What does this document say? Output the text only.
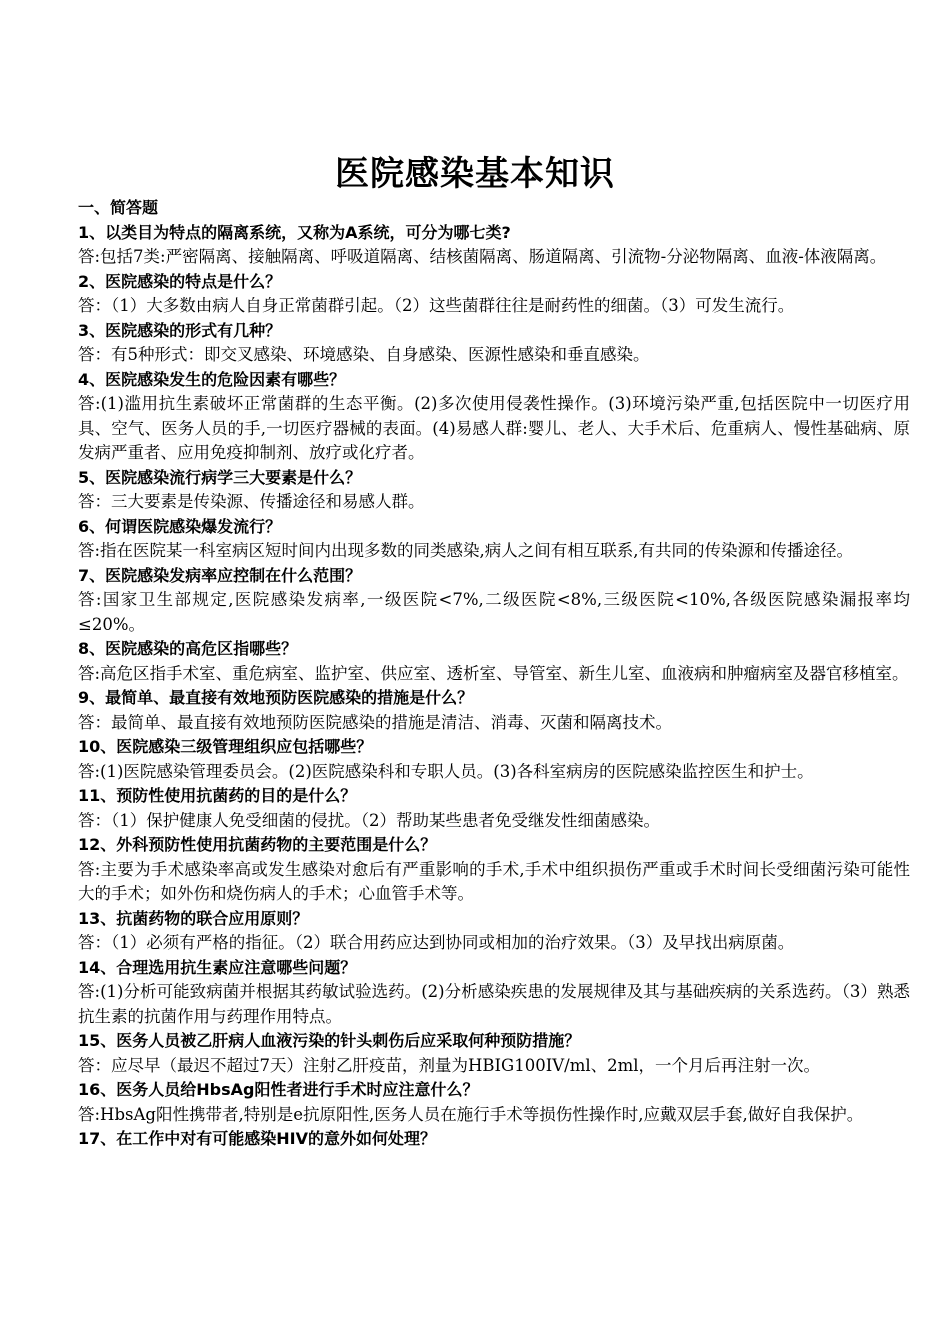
医院感染基本知识
一、简答题
1、以类目为特点的隔离系统，又称为A系统，可分为哪七类?
答:包括7类:严密隔离、接触隔离、呼吸道隔离、结核菌隔离、肠道隔离、引流物-分泌物隔离、血液-体液隔离。
2、医院感染的特点是什么？
答：（1）大多数由病人自身正常菌群引起。（2）这些菌群往往是耐药性的细菌。（3）可发生流行。
3、医院感染的形式有几种？
答：有5种形式：即交叉感染、环境感染、自身感染、医源性感染和垂直感染。
4、医院感染发生的危险因素有哪些？
答:(1)滥用抗生素破坏正常菌群的生态平衡。(2)多次使用侵袭性操作。(3)环境污染严重,包括医院中一切医疗用具、空气、医务人员的手,一切医疗器械的表面。(4)易感人群:婴儿、老人、大手术后、危重病人、慢性基础病、原发病严重者、应用免疫抑制剂、放疗或化疗者。
5、医院感染流行病学三大要素是什么？
答：三大要素是传染源、传播途径和易感人群。
6、何谓医院感染爆发流行？
答:指在医院某一科室病区短时间内出现多数的同类感染,病人之间有相互联系,有共同的传染源和传播途径。
7、医院感染发病率应控制在什么范围？
答:国家卫生部规定,医院感染发病率,一级医院<7%,二级医院<8%,三级医院<10%,各级医院感染漏报率均≤20%。
8、医院感染的高危区指哪些？
答:高危区指手术室、重危病室、监护室、供应室、透析室、导管室、新生儿室、血液病和肿瘤病室及器官移植室。
9、最简单、最直接有效地预防医院感染的措施是什么？
答：最简单、最直接有效地预防医院感染的措施是清洁、消毒、灭菌和隔离技术。
10、医院感染三级管理组织应包括哪些？
答:(1)医院感染管理委员会。(2)医院感染科和专职人员。(3)各科室病房的医院感染监控医生和护士。
11、预防性使用抗菌药的目的是什么？
答：（1）保护健康人免受细菌的侵扰。（2）帮助某些患者免受继发性细菌感染。
12、外科预防性使用抗菌药物的主要范围是什么？
答:主要为手术感染率高或发生感染对愈后有严重影响的手术,手术中组织损伤严重或手术时间长受细菌污染可能性大的手术；如外伤和烧伤病人的手术；心血管手术等。
13、抗菌药物的联合应用原则？
答：（1）必须有严格的指征。（2）联合用药应达到协同或相加的治疗效果。（3）及早找出病原菌。
14、合理选用抗生素应注意哪些问题？
答:(1)分析可能致病菌并根据其药敏试验选药。(2)分析感染疾患的发展规律及其与基础疾病的关系选药。（3）熟悉抗生素的抗菌作用与药理作用特点。
15、医务人员被乙肝病人血液污染的针头刺伤后应采取何种预防措施？
答：应尽早（最迟不超过7天）注射乙肝疫苗，剂量为HBIG100IV/ml、2ml，一个月后再注射一次。
16、医务人员给HbsAg阳性者进行手术时应注意什么？
答:HbsAg阳性携带者,特别是e抗原阳性,医务人员在施行手术等损伤性操作时,应戴双层手套,做好自我保护。
17、在工作中对有可能感染HIV的意外如何处理？
